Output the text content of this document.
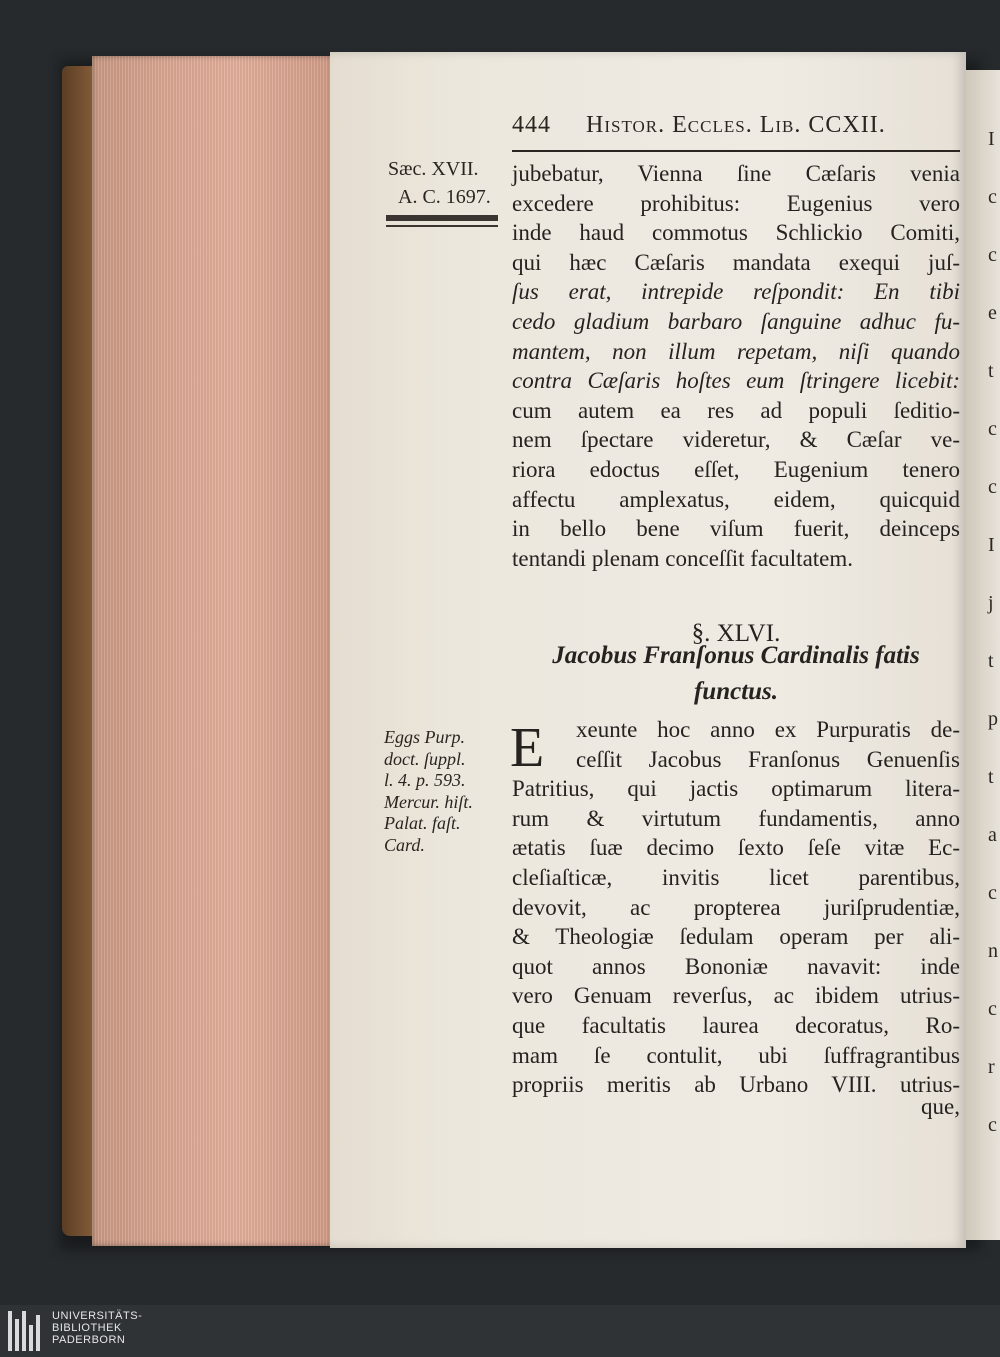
I
c
c
e
t
c
c
I
j
t
p
t
a
c
n
c
r
c
444 Histor. Eccles. Lib. CCXII.
Sæc. XVII.
A. C. 1697.
jubebatur, Vienna ſine Cæſaris venia
excedere prohibitus: Eugenius vero
inde haud commotus Schlickio Comiti,
qui hæc Cæſaris mandata exequi juſ-
ſus erat, intrepide reſpondit: En tibi
cedo gladium barbaro ſanguine adhuc fu-
mantem, non illum repetam, niſi quando
contra Cæſaris hoſtes eum ſtringere licebit:
cum autem ea res ad populi ſeditio-
nem ſpectare videretur, & Cæſar ve-
riora edoctus eſſet, Eugenium tenero
affectu amplexatus, eidem, quicquid
in bello bene viſum fuerit, deinceps
tentandi plenam conceſſit facultatem.
§. XLVI.
Jacobus Franſonus Cardinalis fatis
functus.
Eggs Purp.
doct. ſuppl.
l. 4. p. 593.
Mercur. hiſt.
Palat. faſt.
Card.
E xeunte hoc anno ex Purpuratis de-
ceſſit Jacobus Franſonus Genuenſis
Patritius, qui jactis optimarum litera-
rum & virtutum fundamentis, anno
ætatis ſuæ decimo ſexto ſeſe vitæ Ec-
cleſiaſticæ, invitis licet parentibus,
devovit, ac propterea juriſprudentiæ,
& Theologiæ ſedulam operam per ali-
quot annos Bononiæ navavit: inde
vero Genuam reverſus, ac ibidem utrius-
que facultatis laurea decoratus, Ro-
mam ſe contulit, ubi ſuffragrantibus
propriis meritis ab Urbano VIII. utrius-
que,
UNIVERSITÄTS-
BIBLIOTHEK
PADERBORN
